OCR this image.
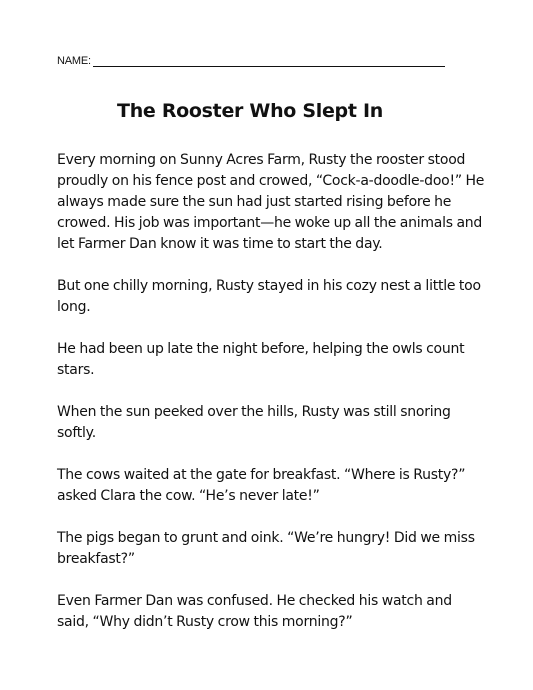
NAME:
The Rooster Who Slept In

Every morning on Sunny Acres Farm, Rusty the rooster stood proudly on his fence post and crowed, “Cock-a-doodle-doo!” He always made sure the sun had just started rising before he crowed. His job was important—he woke up all the animals and let Farmer Dan know it was time to start the day.

But one chilly morning, Rusty stayed in his cozy nest a little too long.

He had been up late the night before, helping the owls count stars.

When the sun peeked over the hills, Rusty was still snoring softly.

The cows waited at the gate for breakfast. “Where is Rusty?” asked Clara the cow. “He’s never late!”

The pigs began to grunt and oink. “We’re hungry! Did we miss breakfast?”

Even Farmer Dan was confused. He checked his watch and said, “Why didn’t Rusty crow this morning?”
